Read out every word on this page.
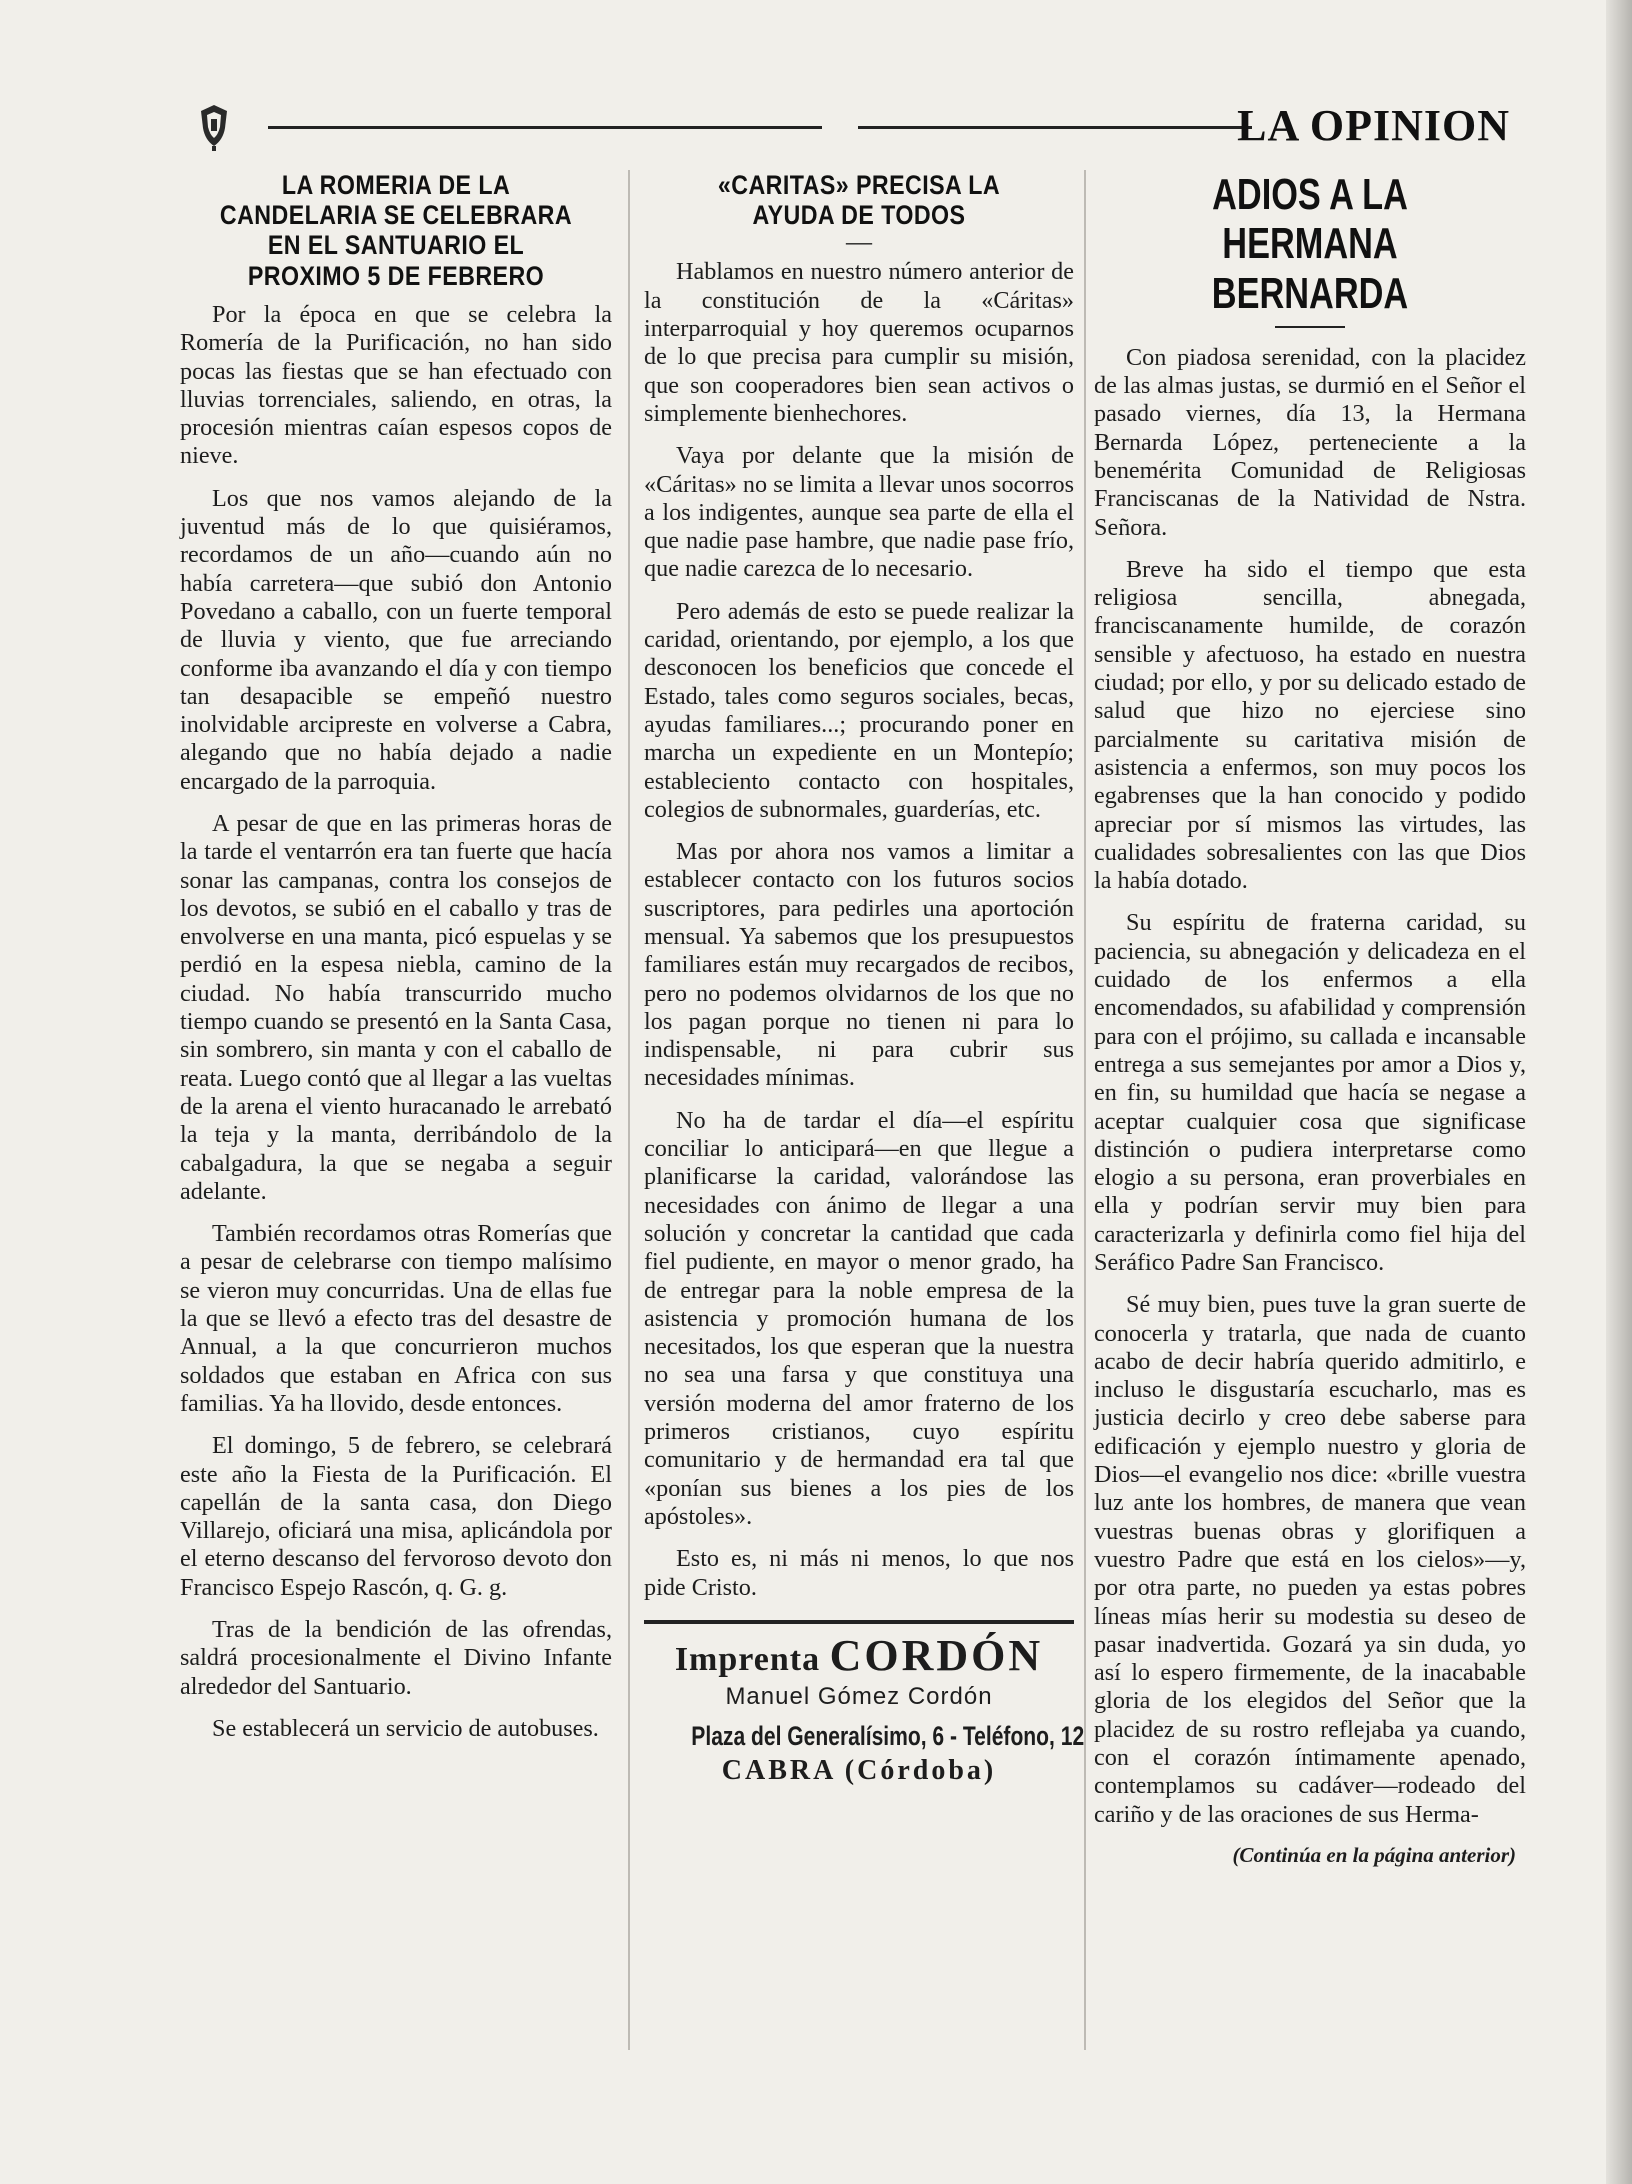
LA OPINION
LA ROMERIA DE LA CANDELARIA SE CELEBRARA EN EL SANTUARIO EL PROXIMO 5 DE FEBRERO

Por la época en que se celebra la Romería de la Purificación, no han sido pocas las fiestas que se han efectuado con lluvias torrenciales, saliendo, en otras, la procesión mientras caían espesos copos de nieve.

Los que nos vamos alejando de la juventud más de lo que quisiéramos, recordamos de un año—cuando aún no había carretera—que subió don Antonio Povedano a caballo, con un fuerte temporal de lluvia y viento, que fue arreciando conforme iba avanzando el día y con tiempo tan desapacible se empeñó nuestro inolvidable arcipreste en volverse a Cabra, alegando que no había dejado a nadie encargado de la parroquia.

A pesar de que en las primeras horas de la tarde el ventarrón era tan fuerte que hacía sonar las campanas, contra los consejos de los devotos, se subió en el caballo y tras de envolverse en una manta, picó espuelas y se perdió en la espesa niebla, camino de la ciudad. No había transcurrido mucho tiempo cuando se presentó en la Santa Casa, sin sombrero, sin manta y con el caballo de reata. Luego contó que al llegar a las vueltas de la arena el viento huracanado le arrebató la teja y la manta, derribándolo de la cabalgadura, la que se negaba a seguir adelante.

También recordamos otras Romerías que a pesar de celebrarse con tiempo malísimo se vieron muy concurridas. Una de ellas fue la que se llevó a efecto tras del desastre de Annual, a la que concurrieron muchos soldados que estaban en Africa con sus familias. Ya ha llovido, desde entonces.

El domingo, 5 de febrero, se celebrará este año la Fiesta de la Purificación. El capellán de la santa casa, don Diego Villarejo, oficiará una misa, aplicándola por el eterno descanso del fervoroso devoto don Francisco Espejo Rascón, q. G. g.

Tras de la bendición de las ofrendas, saldrá procesionalmente el Divino Infante alrededor del Santuario.

Se establecerá un servicio de autobuses.

«CARITAS» PRECISA LA AYUDA DE TODOS
—

Hablamos en nuestro número anterior de la constitución de la «Cáritas» interparroquial y hoy queremos ocuparnos de lo que precisa para cumplir su misión, que son cooperadores bien sean activos o simplemente bienhechores.

Vaya por delante que la misión de «Cáritas» no se limita a llevar unos socorros a los indigentes, aunque sea parte de ella el que nadie pase hambre, que nadie pase frío, que nadie carezca de lo necesario.

Pero además de esto se puede realizar la caridad, orientando, por ejemplo, a los que desconocen los beneficios que concede el Estado, tales como seguros sociales, becas, ayudas familiares...; procurando poner en marcha un expediente en un Montepío; estableciento contacto con hospitales, colegios de subnormales, guarderías, etc.

Mas por ahora nos vamos a limitar a establecer contacto con los futuros socios suscriptores, para pedirles una aportoción mensual. Ya sabemos que los presupuestos familiares están muy recargados de recibos, pero no podemos olvidarnos de los que no los pagan porque no tienen ni para lo indispensable, ni para cubrir sus necesidades mínimas.

No ha de tardar el día—el espíritu conciliar lo anticipará—en que llegue a planificarse la caridad, valorándose las necesidades con ánimo de llegar a una solución y concretar la cantidad que cada fiel pudiente, en mayor o menor grado, ha de entregar para la noble empresa de la asistencia y promoción humana de los necesitados, los que esperan que la nuestra no sea una farsa y que constituya una versión moderna del amor fraterno de los primeros cristianos, cuyo espíritu comunitario y de hermandad era tal que «ponían sus bienes a los pies de los apóstoles».

Esto es, ni más ni menos, lo que nos pide Cristo.

Imprenta CORDÓN
Manuel Gómez Cordón
Plaza del Generalísimo, 6 - Teléfono, 12
CABRA (Córdoba)
ADIOS A LA HERMANA BERNARDA

Con piadosa serenidad, con la placidez de las almas justas, se durmió en el Señor el pasado viernes, día 13, la Hermana Bernarda López, perteneciente a la benemérita Comunidad de Religiosas Franciscanas de la Natividad de Nstra. Señora.

Breve ha sido el tiempo que esta religiosa sencilla, abnegada, franciscanamente humilde, de corazón sensible y afectuoso, ha estado en nuestra ciudad; por ello, y por su delicado estado de salud que hizo no ejerciese sino parcialmente su caritativa misión de asistencia a enfermos, son muy pocos los egabrenses que la han conocido y podido apreciar por sí mismos las virtudes, las cualidades sobresalientes con las que Dios la había dotado.

Su espíritu de fraterna caridad, su paciencia, su abnegación y delicadeza en el cuidado de los enfermos a ella encomendados, su afabilidad y comprensión para con el prójimo, su callada e incansable entrega a sus semejantes por amor a Dios y, en fin, su humildad que hacía se negase a aceptar cualquier cosa que significase distinción o pudiera interpretarse como elogio a su persona, eran proverbiales en ella y podrían servir muy bien para caracterizarla y definirla como fiel hija del Seráfico Padre San Francisco.

Sé muy bien, pues tuve la gran suerte de conocerla y tratarla, que nada de cuanto acabo de decir habría querido admitirlo, e incluso le disgustaría escucharlo, mas es justicia decirlo y creo debe saberse para edificación y ejemplo nuestro y gloria de Dios—el evangelio nos dice: «brille vuestra luz ante los hombres, de manera que vean vuestras buenas obras y glorifiquen a vuestro Padre que está en los cielos»—y, por otra parte, no pueden ya estas pobres líneas mías herir su modestia su deseo de pasar inadvertida. Gozará ya sin duda, yo así lo espero firmemente, de la inacabable gloria de los elegidos del Señor que la placidez de su rostro reflejaba ya cuando, con el corazón íntimamente apenado, contemplamos su cadáver—rodeado del cariño y de las oraciones de sus Herma-

(Continúa en la página anterior)
